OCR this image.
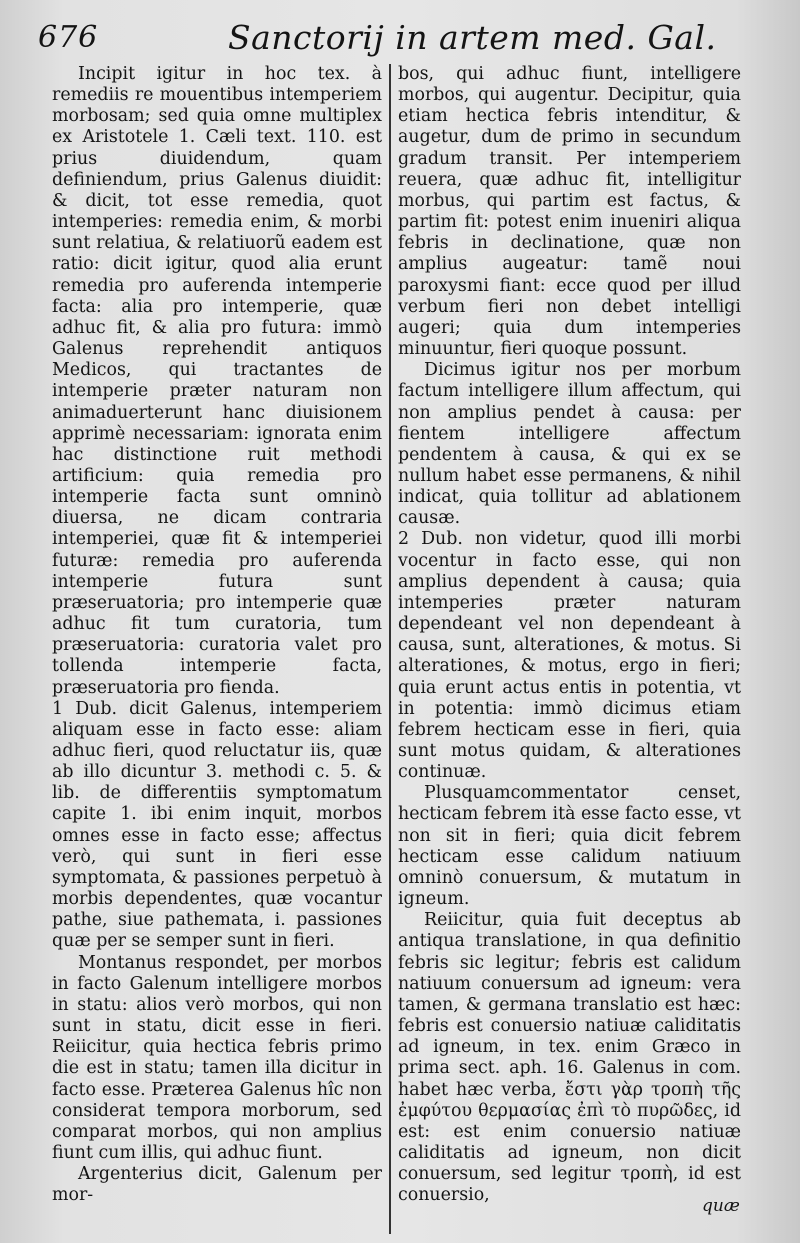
676	Sanctorij in artem med. Gal.

Incipit igitur in hoc tex. à remediis re mouentibus intemperiem morbosam; sed quia omne multiplex ex Aristotele 1. Cæli text. 110. est prius diuidendum, quam definiendum, prius Galenus diuidit: & dicit, tot esse remedia, quot intemperies: remedia enim, & morbi sunt relatiua, & relatiuorũ eadem est ratio: dicit igitur, quod alia erunt remedia pro auferenda intemperie facta: alia pro intemperie, quæ adhuc fit, & alia pro futura: immò Galenus reprehendit antiquos Medicos, qui tractantes de intemperie præter naturam non animaduerterunt hanc diuisionem apprimè necessariam: ignorata enim hac distinctione ruit methodi artificium: quia remedia pro intemperie facta sunt omninò diuersa, ne dicam contraria intemperiei, quæ fit & intemperiei futuræ: remedia pro auferenda intemperie futura sunt præseruatoria; pro intemperie quæ adhuc fit tum curatoria, tum præseruatoria: curatoria valet pro tollenda intemperie facta, præseruatoria pro fienda.

1 Dub. dicit Galenus, intemperiem aliquam esse in facto esse: aliam adhuc fieri, quod reluctatur iis, quæ ab illo dicuntur 3. methodi c. 5. & lib. de differentiis symptomatum capite 1. ibi enim inquit, morbos omnes esse in facto esse; affectus verò, qui sunt in fieri esse symptomata, & passiones perpetuò à morbis dependentes, quæ vocantur pathe, siue pathemata, i. passiones quæ per se semper sunt in fieri.

Montanus respondet, per morbos in facto Galenum intelligere morbos in statu: alios verò morbos, qui non sunt in statu, dicit esse in fieri. Reiicitur, quia hectica febris primo die est in statu; tamen illa dicitur in facto esse. Præterea Galenus hîc non considerat tempora morborum, sed comparat morbos, qui non amplius fiunt cum illis, qui adhuc fiunt.

Argenterius dicit, Galenum per mor-

bos, qui adhuc fiunt, intelligere morbos, qui augentur. Decipitur, quia etiam hectica febris intenditur, & augetur, dum de primo in secundum gradum transit. Per intemperiem reuera, quæ adhuc fit, intelligitur morbus, qui partim est factus, & partim fit: potest enim inueniri aliqua febris in declinatione, quæ non amplius augeatur: tamẽ noui paroxysmi fiant: ecce quod per illud verbum fieri non debet intelligi augeri; quia dum intemperies minuuntur, fieri quoque possunt.

Dicimus igitur nos per morbum factum intelligere illum affectum, qui non amplius pendet à causa: per fientem intelligere affectum pendentem à causa, & qui ex se nullum habet esse permanens, & nihil indicat, quia tollitur ad ablationem causæ.

2 Dub. non videtur, quod illi morbi vocentur in facto esse, qui non amplius dependent à causa; quia intemperies præter naturam dependeant vel non dependeant à causa, sunt, alterationes, & motus. Si alterationes, & motus, ergo in fieri; quia erunt actus entis in potentia, vt in potentia: immò dicimus etiam febrem hecticam esse in fieri, quia sunt motus quidam, & alterationes continuæ.

Plusquamcommentator censet, hecticam febrem ità esse facto esse, vt non sit in fieri; quia dicit febrem hecticam esse calidum natiuum omninò conuersum, & mutatum in igneum.

Reiicitur, quia fuit deceptus ab antiqua translatione, in qua definitio febris sic legitur; febris est calidum natiuum conuersum ad igneum: vera tamen, & germana translatio est hæc: febris est conuersio natiuæ caliditatis ad igneum, in tex. enim Græco in prima sect. aph. 16. Galenus in com. habet hæc verba, ἔστι γὰρ τροπὴ τῆς ἐμφύτου θερμασίας ἐπὶ τὸ πυρῶδες, id est: est enim conuersio natiuæ caliditatis ad igneum, non dicit conuersum, sed legitur τροπὴ, id est conuersio,

quæ
